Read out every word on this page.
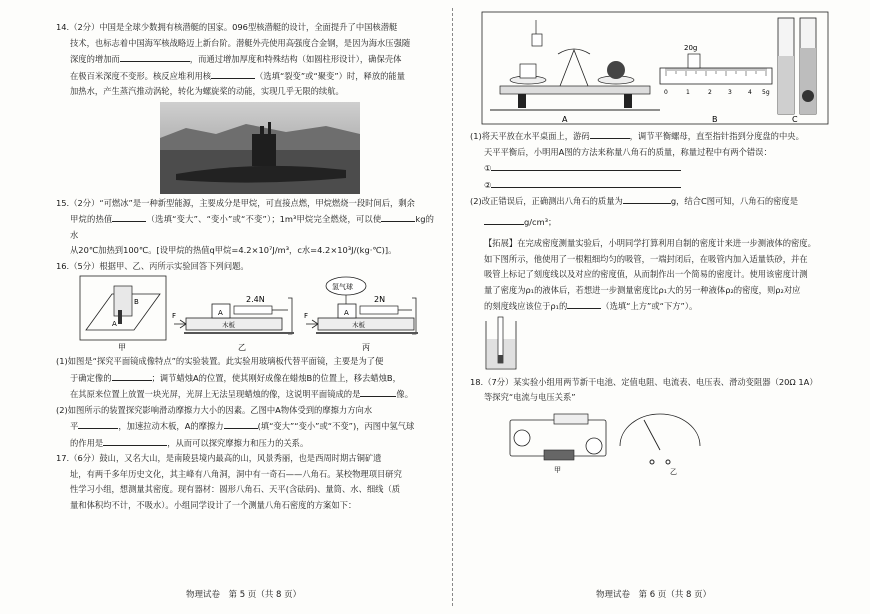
14.（2分）中国是全球少数拥有核潜艇的国家。096型核潜艇的设计，全面提升了中国核潜艇

技术，也标志着中国海军核战略迈上新台阶。潜艇外壳使用高强度合金钢，是因为海水压强随

深度的增加而	，而通过增加厚度和特殊结构（如圆柱形设计），确保壳体

在极百米深度不变形。核反应堆利用核	（选填“裂变”或“聚变”）时，释放的能量

加热水，产生蒸汽推动涡轮，转化为螺旋桨的动能，实现几乎无限的续航。

15.（2分）“可燃冰”是一种新型能源，主要成分是甲烷，可直接点燃，甲烷燃烧一段时间后，剩余

甲烷的热值	（选填“变大”、“变小”或“不变”）；1m³甲烷完全燃烧，可以使	kg的水

从20℃加热到100℃。[设甲烷的热值q甲烷=4.2×10⁷J/m³，c水=4.2×10³J/(kg·℃)]。

16.（5分）根据甲、乙、丙所示实验回答下列问题。

B
A
甲
2.4N
A
F
木板
乙
氢气球
2N
A
F
木板
丙

(1)如图是“探究平面镜成像特点”的实验装置。此实验用玻璃板代替平面镜，主要是为了便

于确定像的	；调节蜡烛A的位置，使其刚好成像在蜡烛B的位置上，移去蜡烛B，

在其原来位置上放置一块光屏，光屏上无法呈现蜡烛的像，这说明平面镜成的是	像。

(2)如图所示的装置探究影响滑动摩擦力大小的因素。乙图中A物体受到的摩擦力方向水

平	，加速拉动木板，A的摩擦力	(填“变大”“变小”或“不变”)，丙图中氢气球

的作用是	，从而可以探究摩擦力和压力的关系。

17.（6分）鼓山，又名大山，是南陵县境内最高的山，风景秀丽，也是西周时期古铜矿遗

址，有两千多年历史文化，其主峰有八角洞，洞中有一奇石——八角石。某校物理项目研究

性学习小组，想测量其密度。现有器材：圆形八角石、天平(含砝码)、量筒、水、细线（质

量和体积均不计，不吸水）。小组同学设计了一个测量八角石密度的方案如下：

A
20g
0	1	2	3	4 5g
B	C

(1)将天平放在水平桌面上，游码	，调节平衡螺母，直至指针指到分度盘的中央。

天平平衡后，小明用A图的方法来称量八角石的质量，称量过程中有两个错误：

①

②

(2)改正错误后，正确测出八角石的质量为	g，结合C图可知，八角石的密度是

g/cm³；

【拓展】在完成密度测量实验后，小明同学打算利用自制的密度计来进一步测液体的密度。

如下图所示，他使用了一根粗细均匀的吸管，一端封闭后，在吸管内加入适量铁砂，并在

吸管上标记了刻度线以及对应的密度值，从而制作出一个简易的密度计。使用该密度计测

量了密度为ρ₁的液体后，若想进一步测量密度比ρ₁大的另一种液体ρ₂的密度，则ρ₂对应

的刻度线应该位于ρ₁的	（选填“上方”或“下方”）。

18.（7分）某实验小组用两节新干电池、定值电阻、电流表、电压表、滑动变阻器（20Ω 1A）

等探究“电流与电压关系”

甲	乙
物理试卷　第 5 页（共 8 页）	物理试卷　第 6 页（共 8 页）
